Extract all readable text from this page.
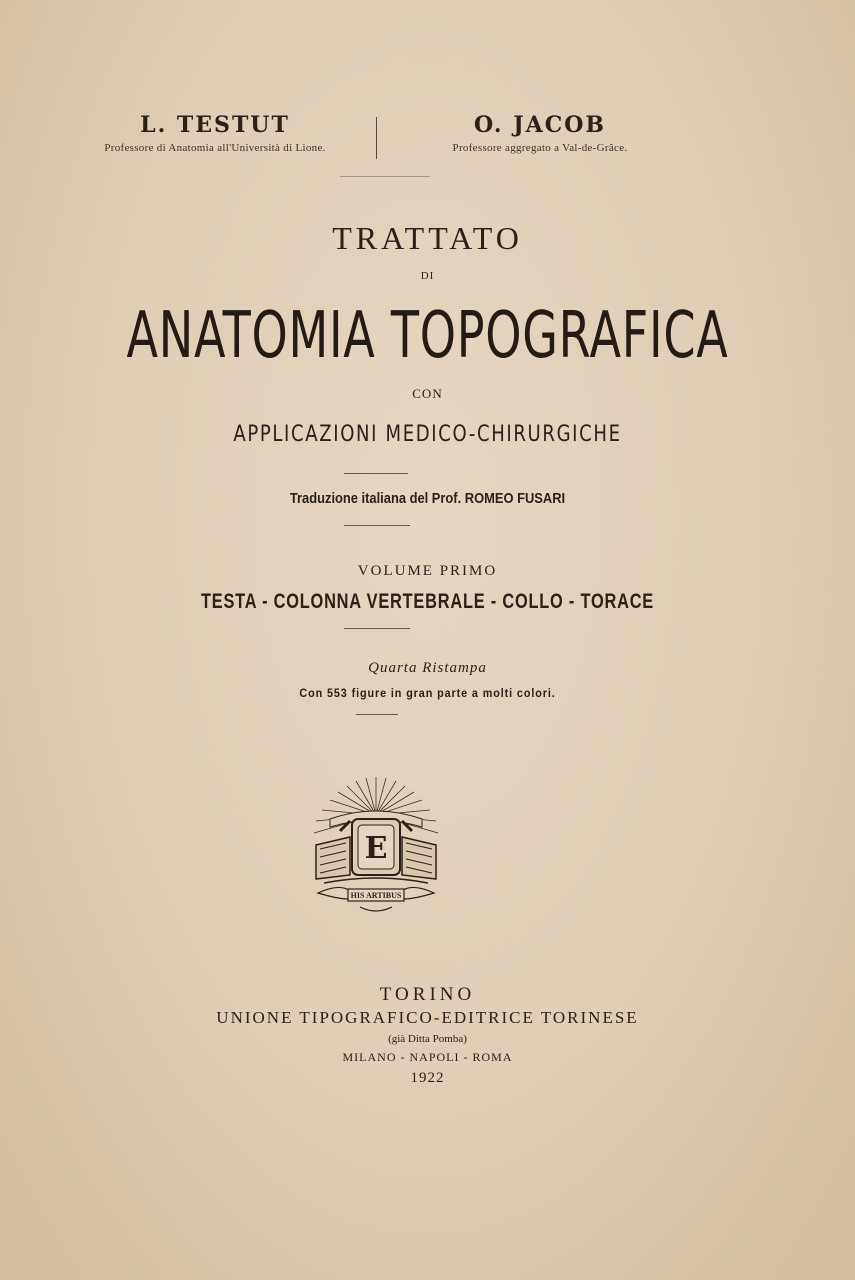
L. TESTUT
Professore di Anatomia all'Università di Lione.
O. JACOB
Professore aggregato a Val-de-Grâce.
TRATTATO
DI
ANATOMIA TOPOGRAFICA
CON
APPLICAZIONI MEDICO-CHIRURGICHE
Traduzione italiana del Prof. ROMEO FUSARI
VOLUME PRIMO
TESTA - COLONNA VERTEBRALE - COLLO - TORACE
Quarta Ristampa
Con 553 figure in gran parte a molti colori.
E
HIS ARTIBUS
TORINO
UNIONE TIPOGRAFICO-EDITRICE TORINESE
(già Ditta Pomba)
MILANO - NAPOLI - ROMA
1922
